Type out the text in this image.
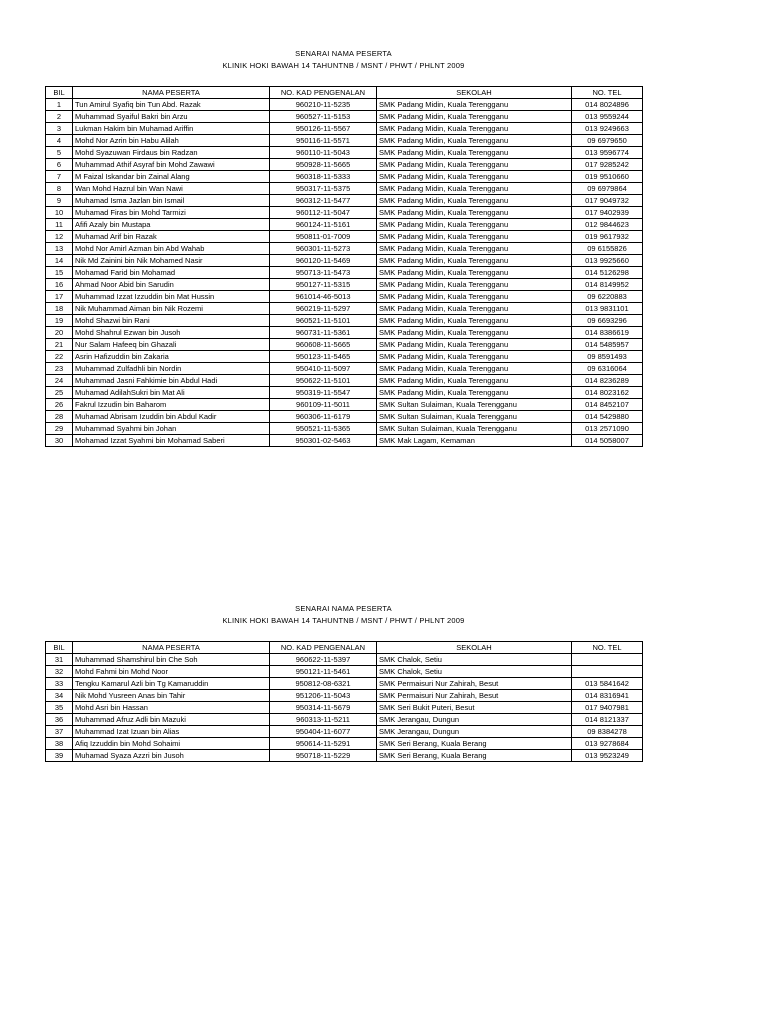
SENARAI NAMA PESERTA
KLINIK HOKI BAWAH 14 TAHUNTNB / MSNT / PHWT / PHLNT 2009
BIL	NAMA PESERTA	NO. KAD PENGENALAN	SEKOLAH	NO. TEL
1	Tun Amirul Syafiq bin Tun Abd. Razak	960210-11-5235	SMK Padang Midin, Kuala Terengganu	014 8024896
2	Muhammad Syaiful Bakri bin Arzu	960527-11-5153	SMK Padang Midin, Kuala Terengganu	013 9559244
3	Lukman Hakim bin Muhamad Ariffin	950126-11-5567	SMK Padang Midin, Kuala Terengganu	013 9249663
4	Mohd Nor Azrin bin Habu Alilah	950116-11-5571	SMK Padang Midin, Kuala Terengganu	09 6979650
5	Mohd Syazuwan Firdaus bin Radzan	960110-11-5043	SMK Padang Midin, Kuala Terengganu	013 9596774
6	Muhammad Athif Asyraf bin Mohd Zawawi	950928-11-5665	SMK Padang Midin, Kuala Terengganu	017 9285242
7	M Faizal Iskandar bin Zainal Alang	960318-11-5333	SMK Padang Midin, Kuala Terengganu	019 9510660
8	Wan Mohd Hazrul bin Wan Nawi	950317-11-5375	SMK Padang Midin, Kuala Terengganu	09 6979864
9	Muhamad Isma Jazlan bin Ismail	960312-11-5477	SMK Padang Midin, Kuala Terengganu	017 9049732
10	Muhamad Firas bin Mohd Tarmizi	960112-11-5047	SMK Padang Midin, Kuala Terengganu	017 9402939
11	Afifi Azaly bin Mustapa	960124-11-5161	SMK Padang Midin, Kuala Terengganu	012 9844623
12	Muhamad Arif bin Razak	950811-01-7009	SMK Padang Midin, Kuala Terengganu	019 9617932
13	Mohd Nor Amirl Azman bin Abd Wahab	960301-11-5273	SMK Padang Midin, Kuala Terengganu	09 6155826
14	Nik Md Zainini bin Nik Mohamed Nasir	960120-11-5469	SMK Padang Midin, Kuala Terengganu	013 9925660
15	Mohamad Farid bin Mohamad	950713-11-5473	SMK Padang Midin, Kuala Terengganu	014 5126298
16	Ahmad Noor Abid bin Sarudin	950127-11-5315	SMK Padang Midin, Kuala Terengganu	014 8149952
17	Muhammad Izzat Izzuddin bin Mat Hussin	961014-46-5013	SMK Padang Midin, Kuala Terengganu	09 6220883
18	Nik Muhammad Aiman bin Nik Rozemi	960219-11-5297	SMK Padang Midin, Kuala Terengganu	013 9831101
19	Mohd Shazwi bin Rani	960521-11-5101	SMK Padang Midin, Kuala Terengganu	09 6693296
20	Mohd Shahrul Ezwan bin Jusoh	960731-11-5361	SMK Padang Midin, Kuala Terengganu	014 8386619
21	Nur Salam Hafeeq bin Ghazali	960608-11-5665	SMK Padang Midin, Kuala Terengganu	014 5485957
22	Asrin Hafizuddin bin Zakaria	950123-11-5465	SMK Padang Midin, Kuala Terengganu	09 8591493
23	Muhammad Zulfadhli bin Nordin	950410-11-5097	SMK Padang Midin, Kuala Terengganu	09 6316064
24	Muhammad Jasni Fahkimie bin Abdul Hadi	950622-11-5101	SMK Padang Midin, Kuala Terengganu	014 8236289
25	Muhamad AdilahSukri bin Mat Ali	950319-11-5547	SMK Padang Midin, Kuala Terengganu	014 8023162
26	Fakrul Izzudin bin Baharom	960109-11-5011	SMK Sultan Sulaiman, Kuala Terengganu	014 8452107
28	Muhamad Abrisam Izuddin bin Abdul Kadir	960306-11-6179	SMK Sultan Sulaiman, Kuala Terengganu	014 5429880
29	Muhammad Syahmi bin Johan	950521-11-5365	SMK Sultan Sulaiman, Kuala Terengganu	013 2571090
30	Mohamad Izzat Syahmi bin Mohamad Saberi	950301-02-5463	SMK Mak Lagam, Kemaman	014 5058007
SENARAI NAMA PESERTA
KLINIK HOKI BAWAH 14 TAHUNTNB / MSNT / PHWT / PHLNT 2009
BIL	NAMA PESERTA	NO. KAD PENGENALAN	SEKOLAH	NO. TEL
31	Muhammad Shamshirul bin Che Soh	960622-11-5397	SMK Chalok, Setiu	
32	Mohd Fahmi bin Mohd Noor	950121-11-5461	SMK Chalok, Setiu	
33	Tengku Kamarul Azli bin Tg Kamaruddin	950812-08-6321	SMK Permaisuri Nur Zahirah, Besut	013 5841642
34	Nik Mohd Yusreen Anas bin Tahir	951206-11-5043	SMK Permaisuri Nur Zahirah, Besut	014 8316941
35	Mohd Asri bin Hassan	950314-11-5679	SMK Seri Bukit Puteri, Besut	017 9407981
36	Muhammad Afruz Adli bin Mazuki	960313-11-5211	SMK Jerangau, Dungun	014 8121337
37	Muhammad Izat Izuan bin Alias	950404-11-6077	SMK Jerangau, Dungun	09 8384278
38	Afiq Izzuddin bin Mohd Sohaimi	950614-11-5291	SMK Seri Berang, Kuala Berang	013 9278684
39	Muhamad Syaza Azzri bin Jusoh	950718-11-5229	SMK Seri Berang, Kuala Berang	013 9523249
